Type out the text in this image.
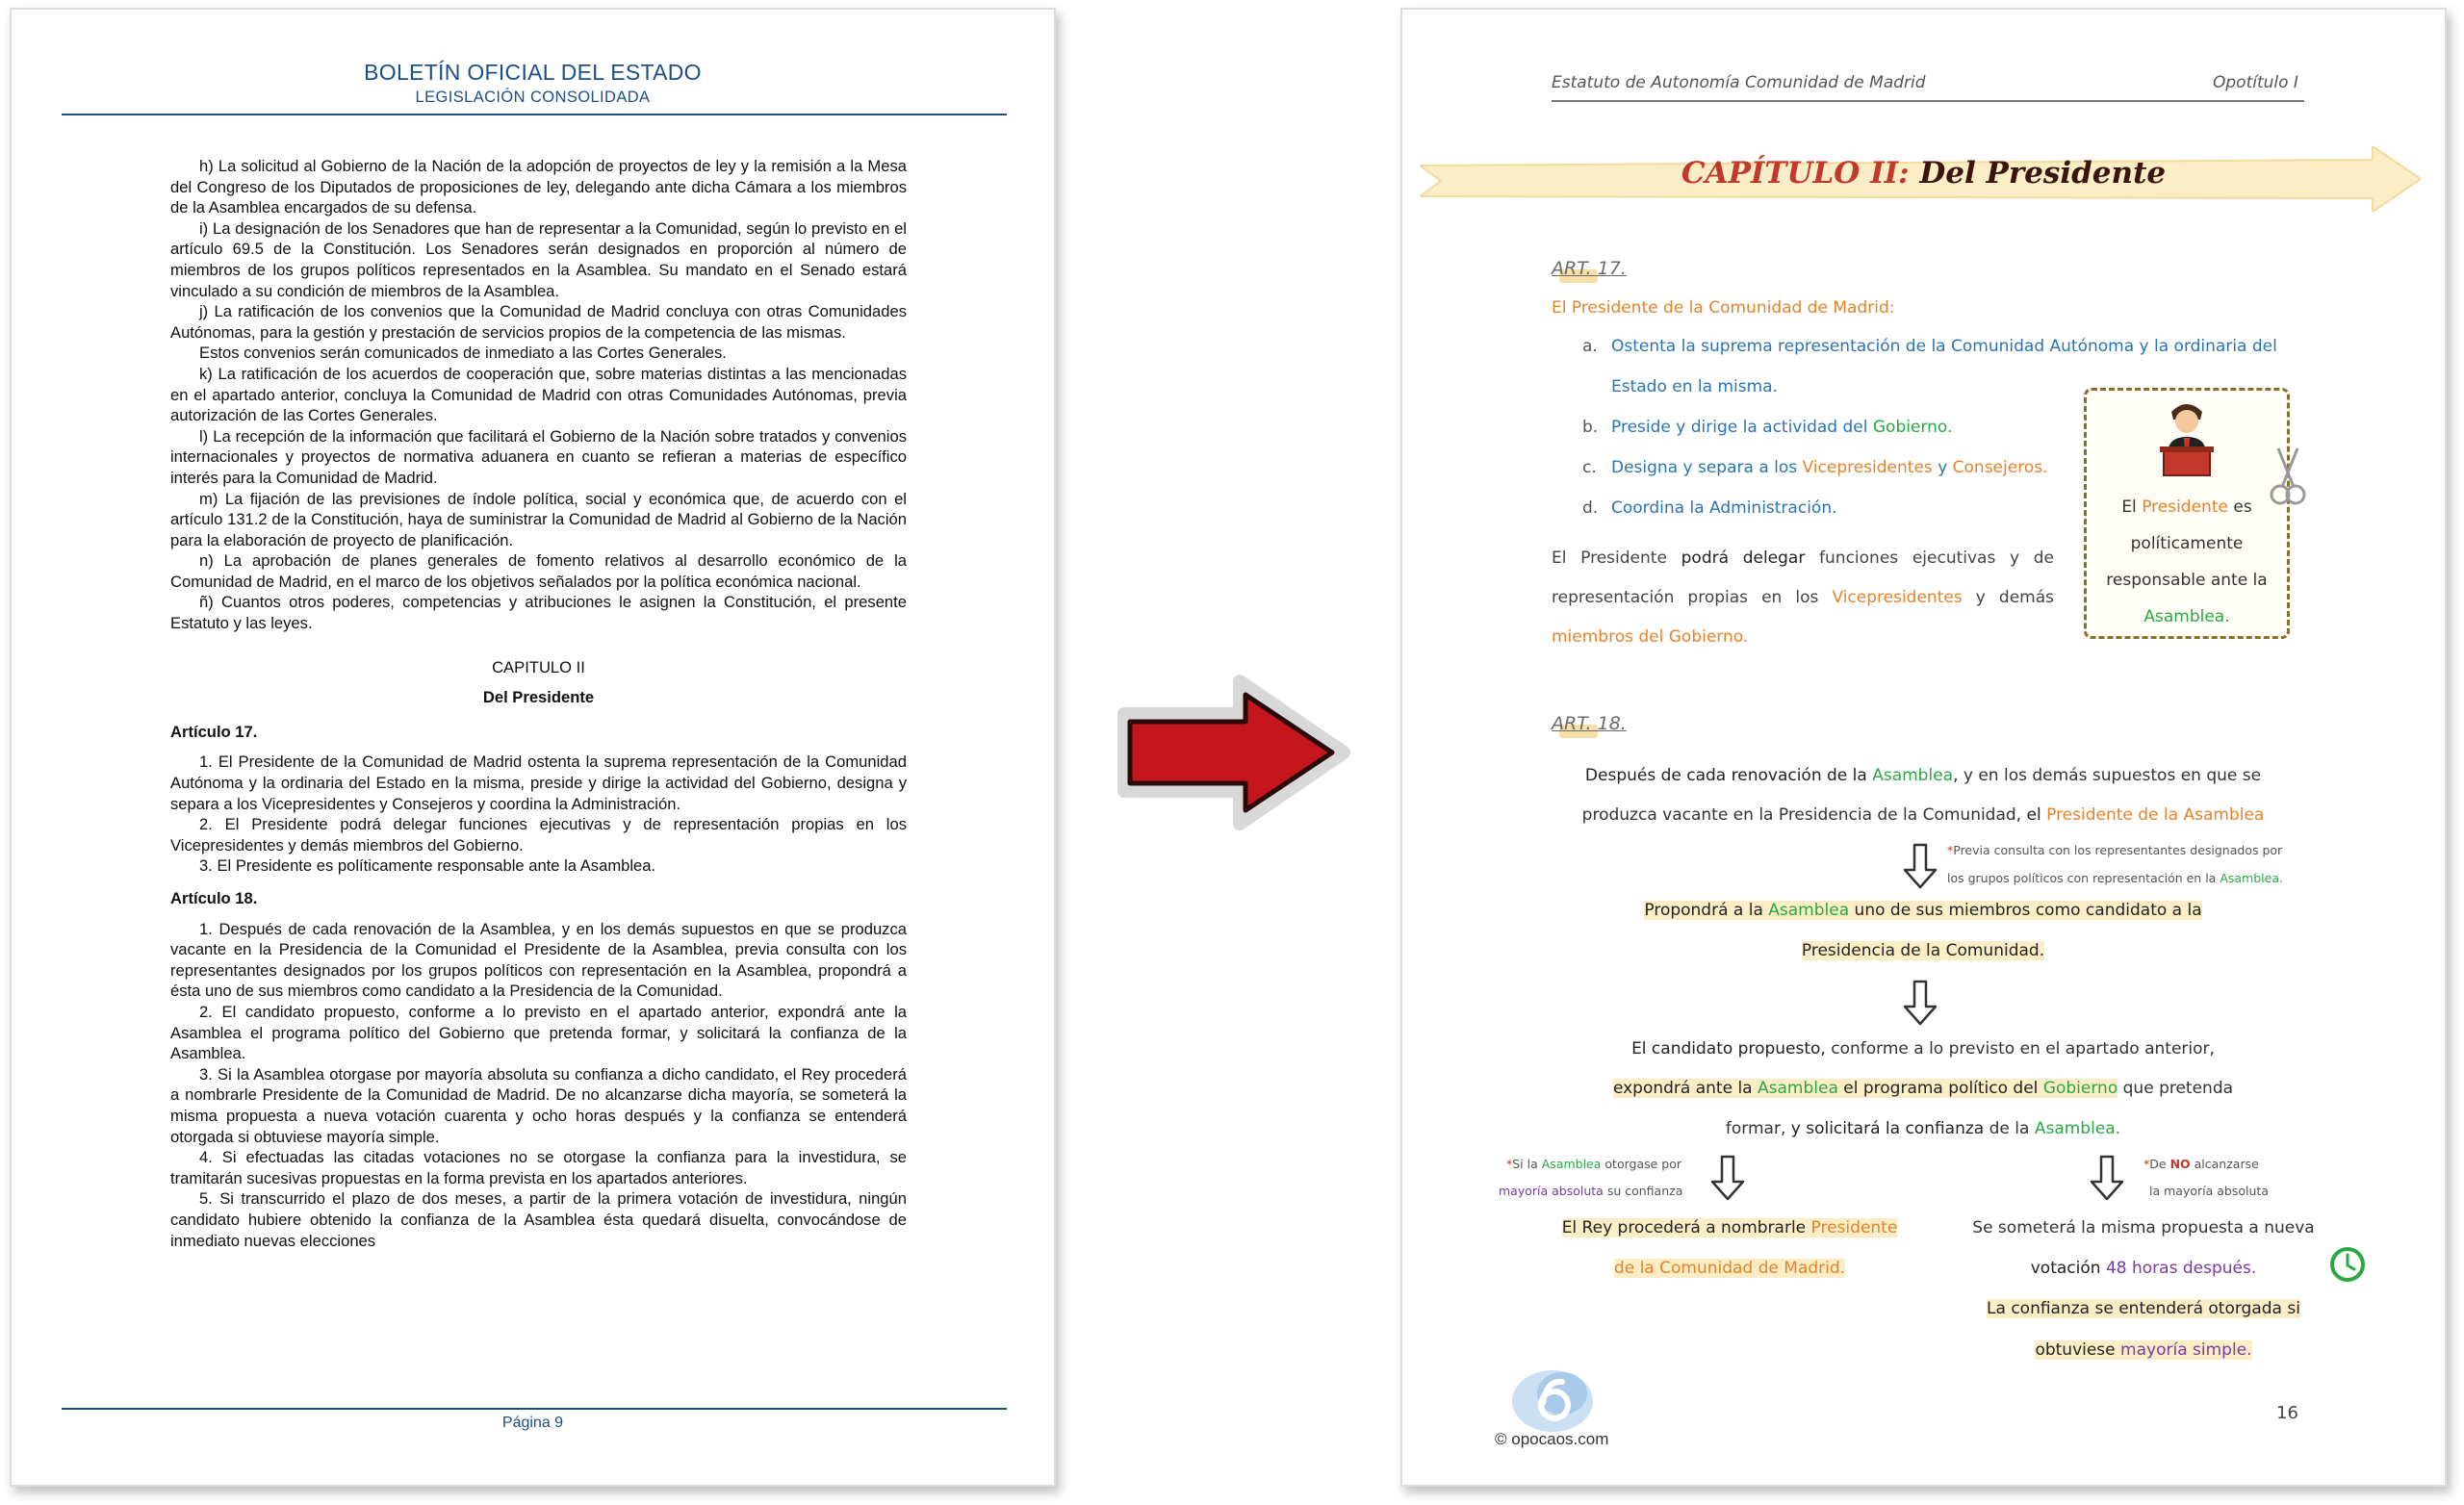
BOLETÍN OFICIAL DEL ESTADO
LEGISLACIÓN CONSOLIDADA

h) La solicitud al Gobierno de la Nación de la adopción de proyectos de ley y la remisión a la Mesa del Congreso de los Diputados de proposiciones de ley, delegando ante dicha Cámara a los miembros de la Asamblea encargados de su defensa.

i) La designación de los Senadores que han de representar a la Comunidad, según lo previsto en el artículo 69.5 de la Constitución. Los Senadores serán designados en proporción al número de miembros de los grupos políticos representados en la Asamblea. Su mandato en el Senado estará vinculado a su condición de miembros de la Asamblea.

j) La ratificación de los convenios que la Comunidad de Madrid concluya con otras Comunidades Autónomas, para la gestión y prestación de servicios propios de la competencia de las mismas.

Estos convenios serán comunicados de inmediato a las Cortes Generales.

k) La ratificación de los acuerdos de cooperación que, sobre materias distintas a las mencionadas en el apartado anterior, concluya la Comunidad de Madrid con otras Comunidades Autónomas, previa autorización de las Cortes Generales.

l) La recepción de la información que facilitará el Gobierno de la Nación sobre tratados y convenios internacionales y proyectos de normativa aduanera en cuanto se refieran a materias de específico interés para la Comunidad de Madrid.

m) La fijación de las previsiones de índole política, social y económica que, de acuerdo con el artículo 131.2 de la Constitución, haya de suministrar la Comunidad de Madrid al Gobierno de la Nación para la elaboración de proyecto de planificación.

n) La aprobación de planes generales de fomento relativos al desarrollo económico de la Comunidad de Madrid, en el marco de los objetivos señalados por la política económica nacional.

ñ) Cuantos otros poderes, competencias y atribuciones le asignen la Constitución, el presente Estatuto y las leyes.

CAPITULO II

Del Presidente

Artículo 17.

1. El Presidente de la Comunidad de Madrid ostenta la suprema representación de la Comunidad Autónoma y la ordinaria del Estado en la misma, preside y dirige la actividad del Gobierno, designa y separa a los Vicepresidentes y Consejeros y coordina la Administración.

2. El Presidente podrá delegar funciones ejecutivas y de representación propias en los Vicepresidentes y demás miembros del Gobierno.

3. El Presidente es políticamente responsable ante la Asamblea.

Artículo 18.

1. Después de cada renovación de la Asamblea, y en los demás supuestos en que se produzca vacante en la Presidencia de la Comunidad el Presidente de la Asamblea, previa consulta con los representantes designados por los grupos políticos con representación en la Asamblea, propondrá a ésta uno de sus miembros como candidato a la Presidencia de la Comunidad.

2. El candidato propuesto, conforme a lo previsto en el apartado anterior, expondrá ante la Asamblea el programa político del Gobierno que pretenda formar, y solicitará la confianza de la Asamblea.

3. Si la Asamblea otorgase por mayoría absoluta su confianza a dicho candidato, el Rey procederá a nombrarle Presidente de la Comunidad de Madrid. De no alcanzarse dicha mayoría, se someterá la misma propuesta a nueva votación cuarenta y ocho horas después y la confianza se entenderá otorgada si obtuviese mayoría simple.

4. Si efectuadas las citadas votaciones no se otorgase la confianza para la investidura, se tramitarán sucesivas propuestas en la forma prevista en los apartados anteriores.

5. Si transcurrido el plazo de dos meses, a partir de la primera votación de investidura, ningún candidato hubiere obtenido la confianza de la Asamblea ésta quedará disuelta, convocándose de inmediato nuevas elecciones

Página 9
Estatuto de Autonomía Comunidad de Madrid	Opotítulo I
CAPÍTULO II: Del Presidente
ART. 17.
El Presidente de la Comunidad de Madrid:
a. Ostenta la suprema representación de la Comunidad Autónoma y la ordinaria del
Estado en la misma.
b. Preside y dirige la actividad del Gobierno.
c. Designa y separa a los Vicepresidentes y Consejeros.
d. Coordina la Administración.
El Presidente podrá delegar funciones ejecutivas y de
representación propias en los Vicepresidentes y demás
miembros del Gobierno.
El Presidente es
políticamente
responsable ante la
Asamblea.
ART. 18.
Después de cada renovación de la Asamblea, y en los demás supuestos en que se
produzca vacante en la Presidencia de la Comunidad, el Presidente de la Asamblea
*Previa consulta con los representantes designados por
los grupos políticos con representación en la Asamblea.
Propondrá a la Asamblea uno de sus miembros como candidato a la
Presidencia de la Comunidad.
El candidato propuesto, conforme a lo previsto en el apartado anterior,
expondrá ante la Asamblea el programa político del Gobierno que pretenda
formar, y solicitará la confianza de la Asamblea.
*Si la Asamblea otorgase por
mayoría absoluta su confianza
*De NO alcanzarse
la mayoría absoluta
El Rey procederá a nombrarle Presidente
de la Comunidad de Madrid.
Se someterá la misma propuesta a nueva
votación 48 horas después.
La confianza se entenderá otorgada si
obtuviese mayoría simple.
© opocaos.com
16
